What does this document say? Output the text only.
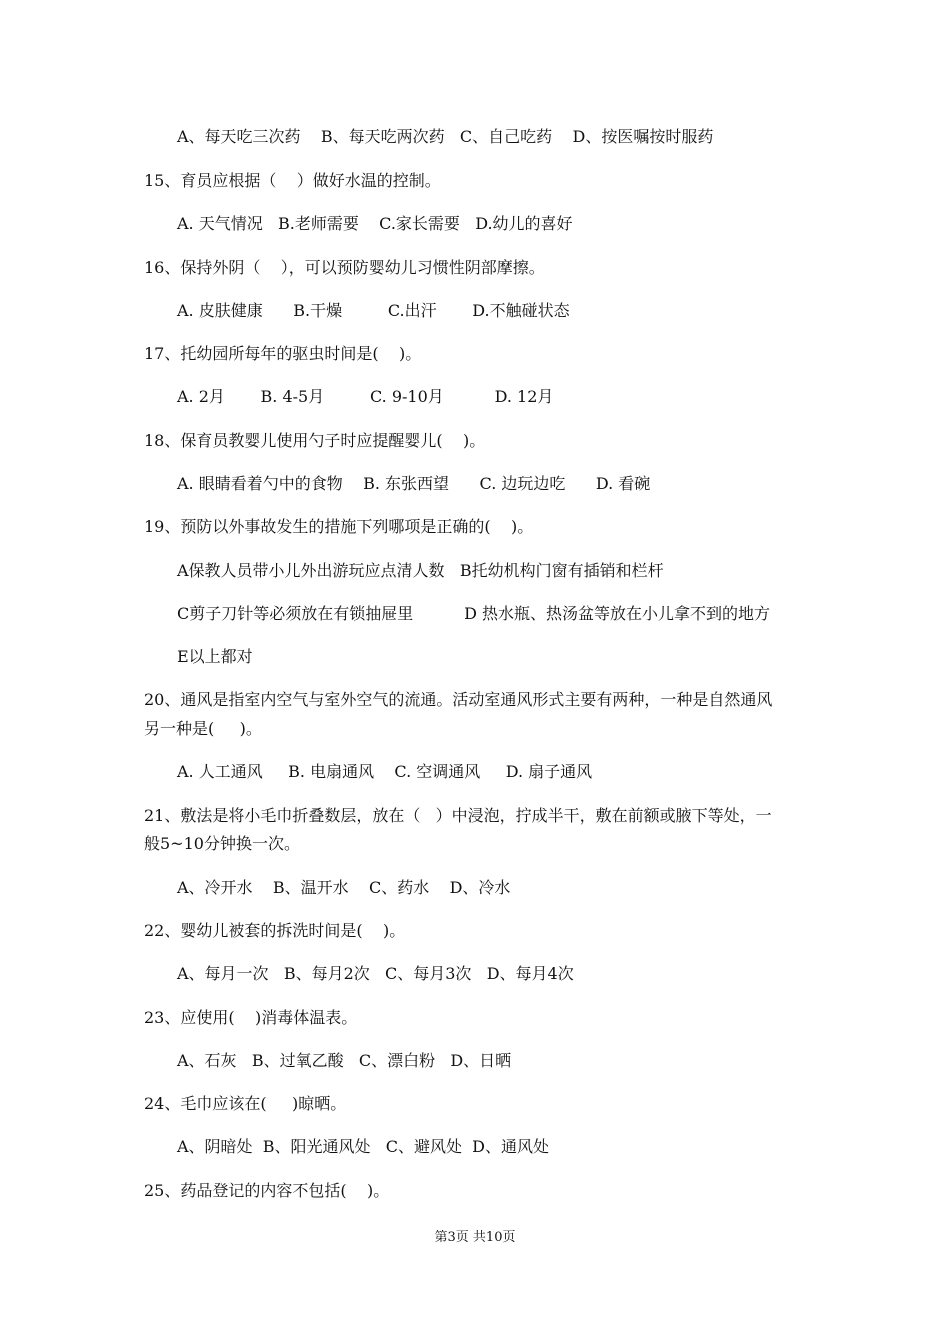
A、每天吃三次药    B、每天吃两次药   C、自己吃药    D、按医嘱按时服药
15、育员应根据（    ）做好水温的控制。
A. 天气情况   B.老师需要    C.家长需要   D.幼儿的喜好
16、保持外阴（    ），可以预防婴幼儿习惯性阴部摩擦。
A. 皮肤健康      B.干燥         C.出汗       D.不触碰状态
17、托幼园所每年的驱虫时间是(    )。
A. 2月       B. 4-5月         C. 9-10月          D. 12月
18、保育员教婴儿使用勺子时应提醒婴儿(    )。
A. 眼睛看着勺中的食物    B. 东张西望      C. 边玩边吃      D. 看碗
19、预防以外事故发生的措施下列哪项是正确的(    )。
A保教人员带小儿外出游玩应点清人数   B托幼机构门窗有插销和栏杆
C剪子刀针等必须放在有锁抽屉里          D 热水瓶、热汤盆等放在小儿拿不到的地方
E以上都对
20、通风是指室内空气与室外空气的流通。活动室通风形式主要有两种，一种是自然通风
另一种是(     )。
A. 人工通风     B. 电扇通风    C. 空调通风     D. 扇子通风
21、敷法是将小毛巾折叠数层，放在（   ）中浸泡，拧成半干，敷在前额或腋下等处，一
般5~10分钟换一次。
A、冷开水    B、温开水    C、药水    D、冷水
22、婴幼儿被套的拆洗时间是(    )。
A、每月一次   B、每月2次   C、每月3次   D、每月4次
23、应使用(    )消毒体温表。
A、石灰   B、过氧乙酸   C、漂白粉   D、日晒
24、毛巾应该在(     )晾晒。
A、阴暗处  B、阳光通风处   C、避风处  D、通风处
25、药品登记的内容不包括(    )。
第3页 共10页
